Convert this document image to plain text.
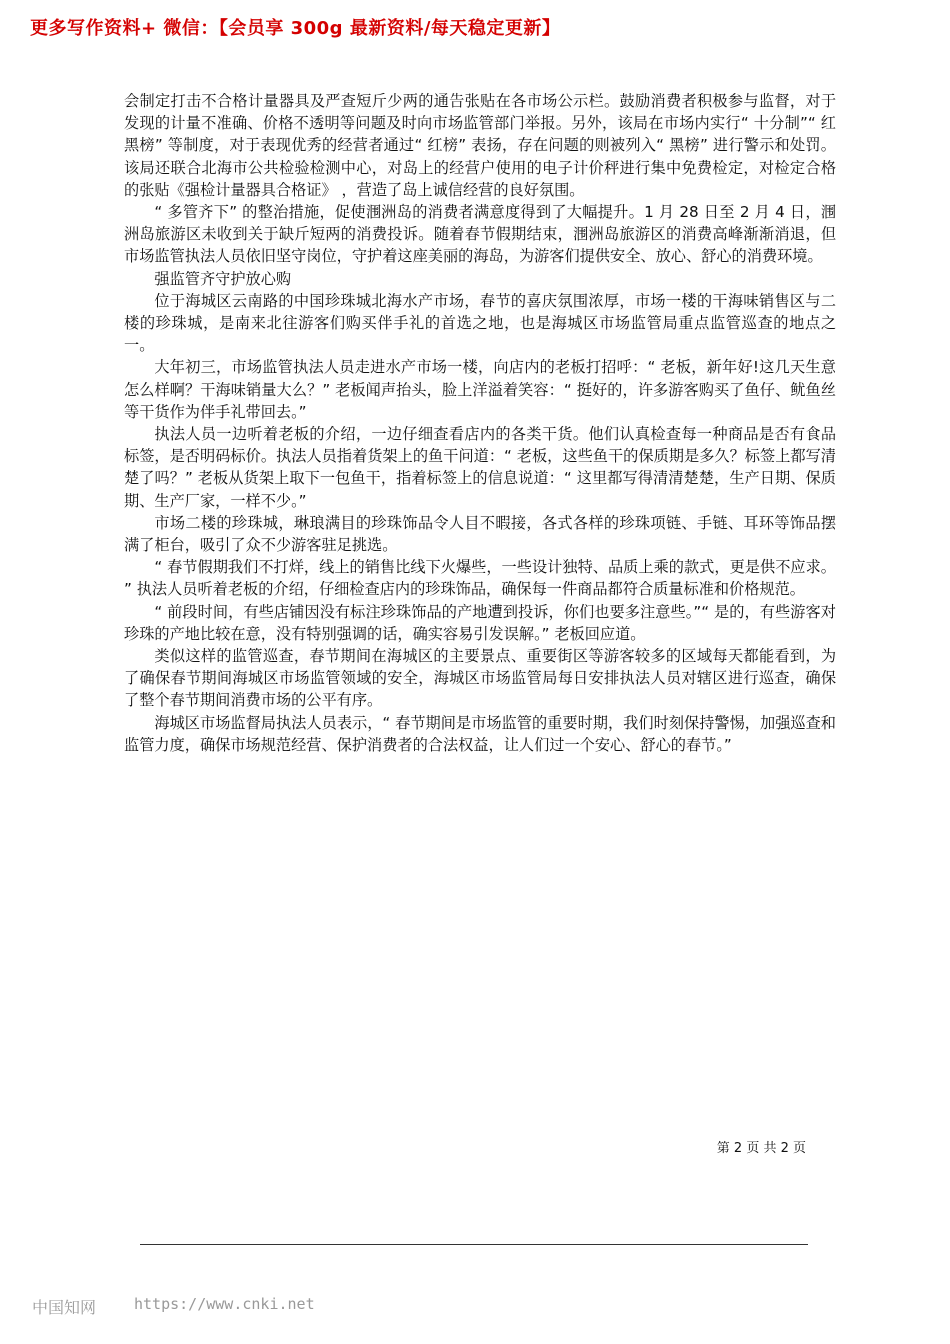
更多写作资料+ 微信：【会员享 300g 最新资料/每天稳定更新】

会制定打击不合格计量器具及严查短斤少两的通告张贴在各市场公示栏。鼓励消费者积极参与监督，对于发现的计量不准确、价格不透明等问题及时向市场监管部门举报。另外，该局在市场内实行“ 十分制”“ 红黑榜” 等制度，对于表现优秀的经营者通过“ 红榜” 表扬，存在问题的则被列入“ 黑榜” 进行警示和处罚。该局还联合北海市公共检验检测中心，对岛上的经营户使用的电子计价秤进行集中免费检定，对检定合格的张贴《强检计量器具合格证》 ，营造了岛上诚信经营的良好氛围。

“ 多管齐下” 的整治措施，促使涠洲岛的消费者满意度得到了大幅提升。1 月 28 日至 2 月 4 日，涠洲岛旅游区未收到关于缺斤短两的消费投诉。随着春节假期结束，涠洲岛旅游区的消费高峰渐渐消退，但市场监管执法人员依旧坚守岗位，守护着这座美丽的海岛，为游客们提供安全、放心、舒心的消费环境。

强监管齐守护放心购

位于海城区云南路的中国珍珠城北海水产市场，春节的喜庆氛围浓厚，市场一楼的干海味销售区与二楼的珍珠城，是南来北往游客们购买伴手礼的首选之地，也是海城区市场监管局重点监管巡查的地点之一。

大年初三，市场监管执法人员走进水产市场一楼，向店内的老板打招呼：“ 老板，新年好!这几天生意怎么样啊？干海味销量大么？” 老板闻声抬头，脸上洋溢着笑容：“ 挺好的，许多游客购买了鱼仔、鱿鱼丝等干货作为伴手礼带回去。”

执法人员一边听着老板的介绍，一边仔细查看店内的各类干货。他们认真检查每一种商品是否有食品标签，是否明码标价。执法人员指着货架上的鱼干问道：“ 老板，这些鱼干的保质期是多久？标签上都写清楚了吗？” 老板从货架上取下一包鱼干，指着标签上的信息说道：“ 这里都写得清清楚楚，生产日期、保质期、生产厂家，一样不少。”

市场二楼的珍珠城，琳琅满目的珍珠饰品令人目不暇接，各式各样的珍珠项链、手链、耳环等饰品摆满了柜台，吸引了众不少游客驻足挑选。

“ 春节假期我们不打烊，线上的销售比线下火爆些，一些设计独特、品质上乘的款式，更是供不应求。 ” 执法人员听着老板的介绍，仔细检查店内的珍珠饰品，确保每一件商品都符合质量标准和价格规范。

“ 前段时间，有些店铺因没有标注珍珠饰品的产地遭到投诉，你们也要多注意些。”“ 是的，有些游客对珍珠的产地比较在意，没有特别强调的话，确实容易引发误解。” 老板回应道。

类似这样的监管巡查，春节期间在海城区的主要景点、重要街区等游客较多的区域每天都能看到，为了确保春节期间海城区市场监管领域的安全，海城区市场监管局每日安排执法人员对辖区进行巡查，确保了整个春节期间消费市场的公平有序。

海城区市场监督局执法人员表示，“ 春节期间是市场监管的重要时期，我们时刻保持警惕，加强巡查和监管力度，确保市场规范经营、保护消费者的合法权益，让人们过一个安心、舒心的春节。”

第 2 页 共 2 页
中国知网	https://www.cnki.net
